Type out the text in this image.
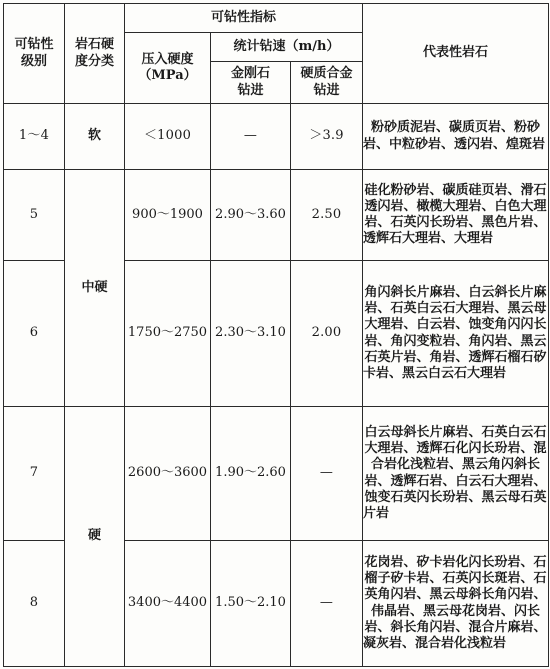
可钻性级别	岩石硬度分类	可钻性指标			代表性岩石

		压入硬度（MPa）	统计钻速（m/h）		

			金刚石钻进	硬质合金钻进	

1～4	软	＜1000	—	＞3.9	粉砂质泥岩、碳质页岩、粉砂岩、中粒砂岩、透闪岩、煌斑岩
5	中硬	900～1900	2.90～3.60	2.50	硅化粉砂岩、碳质硅页岩、滑石透闪岩、橄榄大理岩、白色大理岩、石英闪长玢岩、黑色片岩、透辉石大理岩、大理岩
6		1750～2750	2.30～3.10	2.00	角闪斜长片麻岩、白云斜长片麻岩、石英白云石大理岩、黑云母大理岩、白云岩、蚀变角闪闪长岩、角闪变粒岩、角闪岩、黑云石英片岩、角岩、透辉石榴石矽卡岩、黑云白云石大理岩
7	硬	2600～3600	1.90～2.60	—	白云母斜长片麻岩、石英白云石大理岩、透辉石化闪长玢岩、混合岩化浅粒岩、黑云角闪斜长岩、透辉石岩、白云石大理岩、蚀变石英闪长玢岩、黑云母石英片岩
8		3400～4400	1.50～2.10	—	花岗岩、矽卡岩化闪长玢岩、石榴子矽卡岩、石英闪长斑岩、石英角闪岩、黑云母斜长角闪岩、伟晶岩、黑云母花岗岩、闪长岩、斜长角闪岩、混合片麻岩、凝灰岩、混合岩化浅粒岩
